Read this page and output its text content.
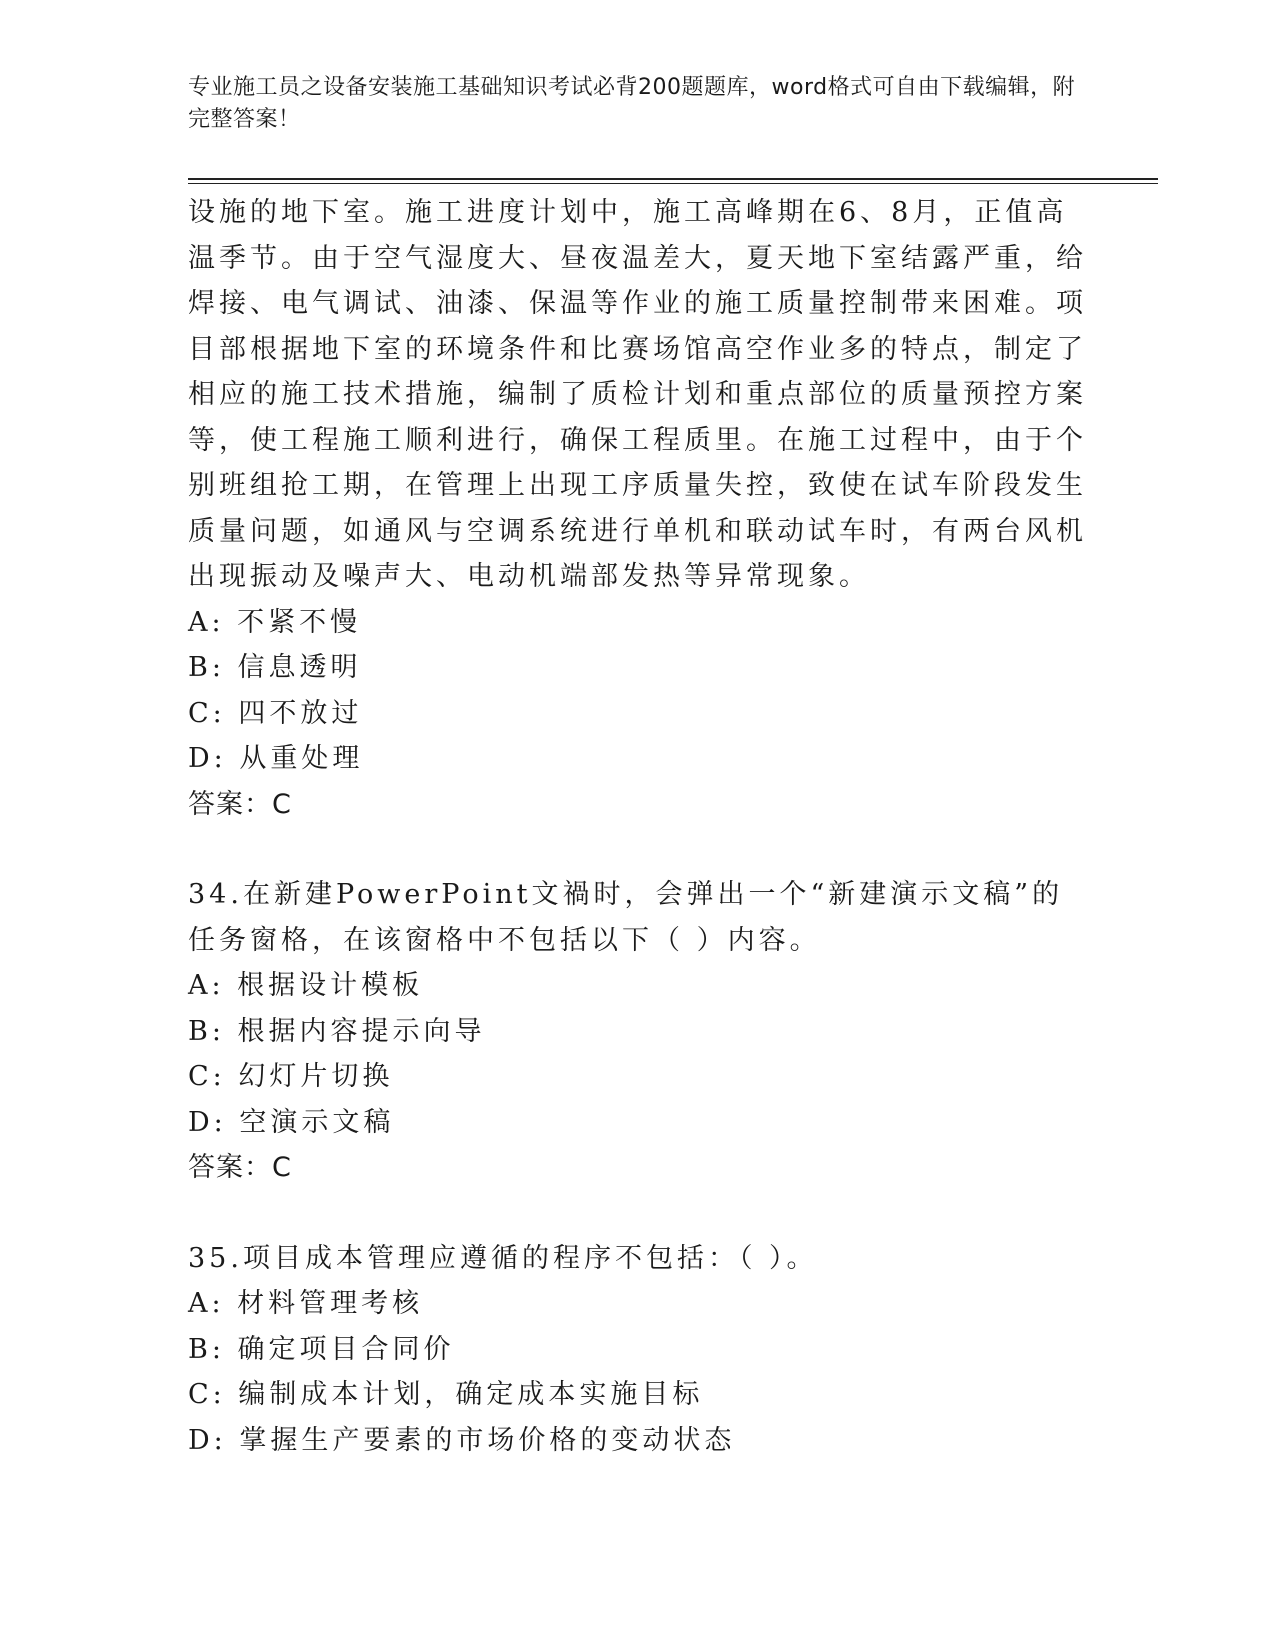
专业施工员之设备安装施工基础知识考试必背200题题库，word格式可自由下载编辑，附完整答案！

设施的地下室。施工进度计划中，施工高峰期在6、8月，正值高温季节。由于空气湿度大、昼夜温差大，夏天地下室结露严重，给焊接、电气调试、油漆、保温等作业的施工质量控制带来困难。项目部根据地下室的环境条件和比赛场馆高空作业多的特点，制定了相应的施工技术措施，编制了质检计划和重点部位的质量预控方案等，使工程施工顺利进行，确保工程质里。在施工过程中，由于个别班组抢工期，在管理上出现工序质量失控，致使在试车阶段发生质量问题，如通风与空调系统进行单机和联动试车时，有两台风机出现振动及噪声大、电动机端部发热等异常现象。

A: 不紧不慢

B: 信息透明

C: 四不放过

D: 从重处理

答案：C

34.在新建PowerPoint文禍时，会弹出一个“新建演示文稿”的任务窗格，在该窗格中不包括以下（ ）内容。

A: 根据设计模板

B: 根据内容提示向导

C: 幻灯片切换

D: 空演示文稿

答案：C

35.项目成本管理应遵循的程序不包括：（ ）。

A: 材料管理考核

B: 确定项目合同价

C: 编制成本计划，确定成本实施目标

D: 掌握生产要素的市场价格的变动状态
